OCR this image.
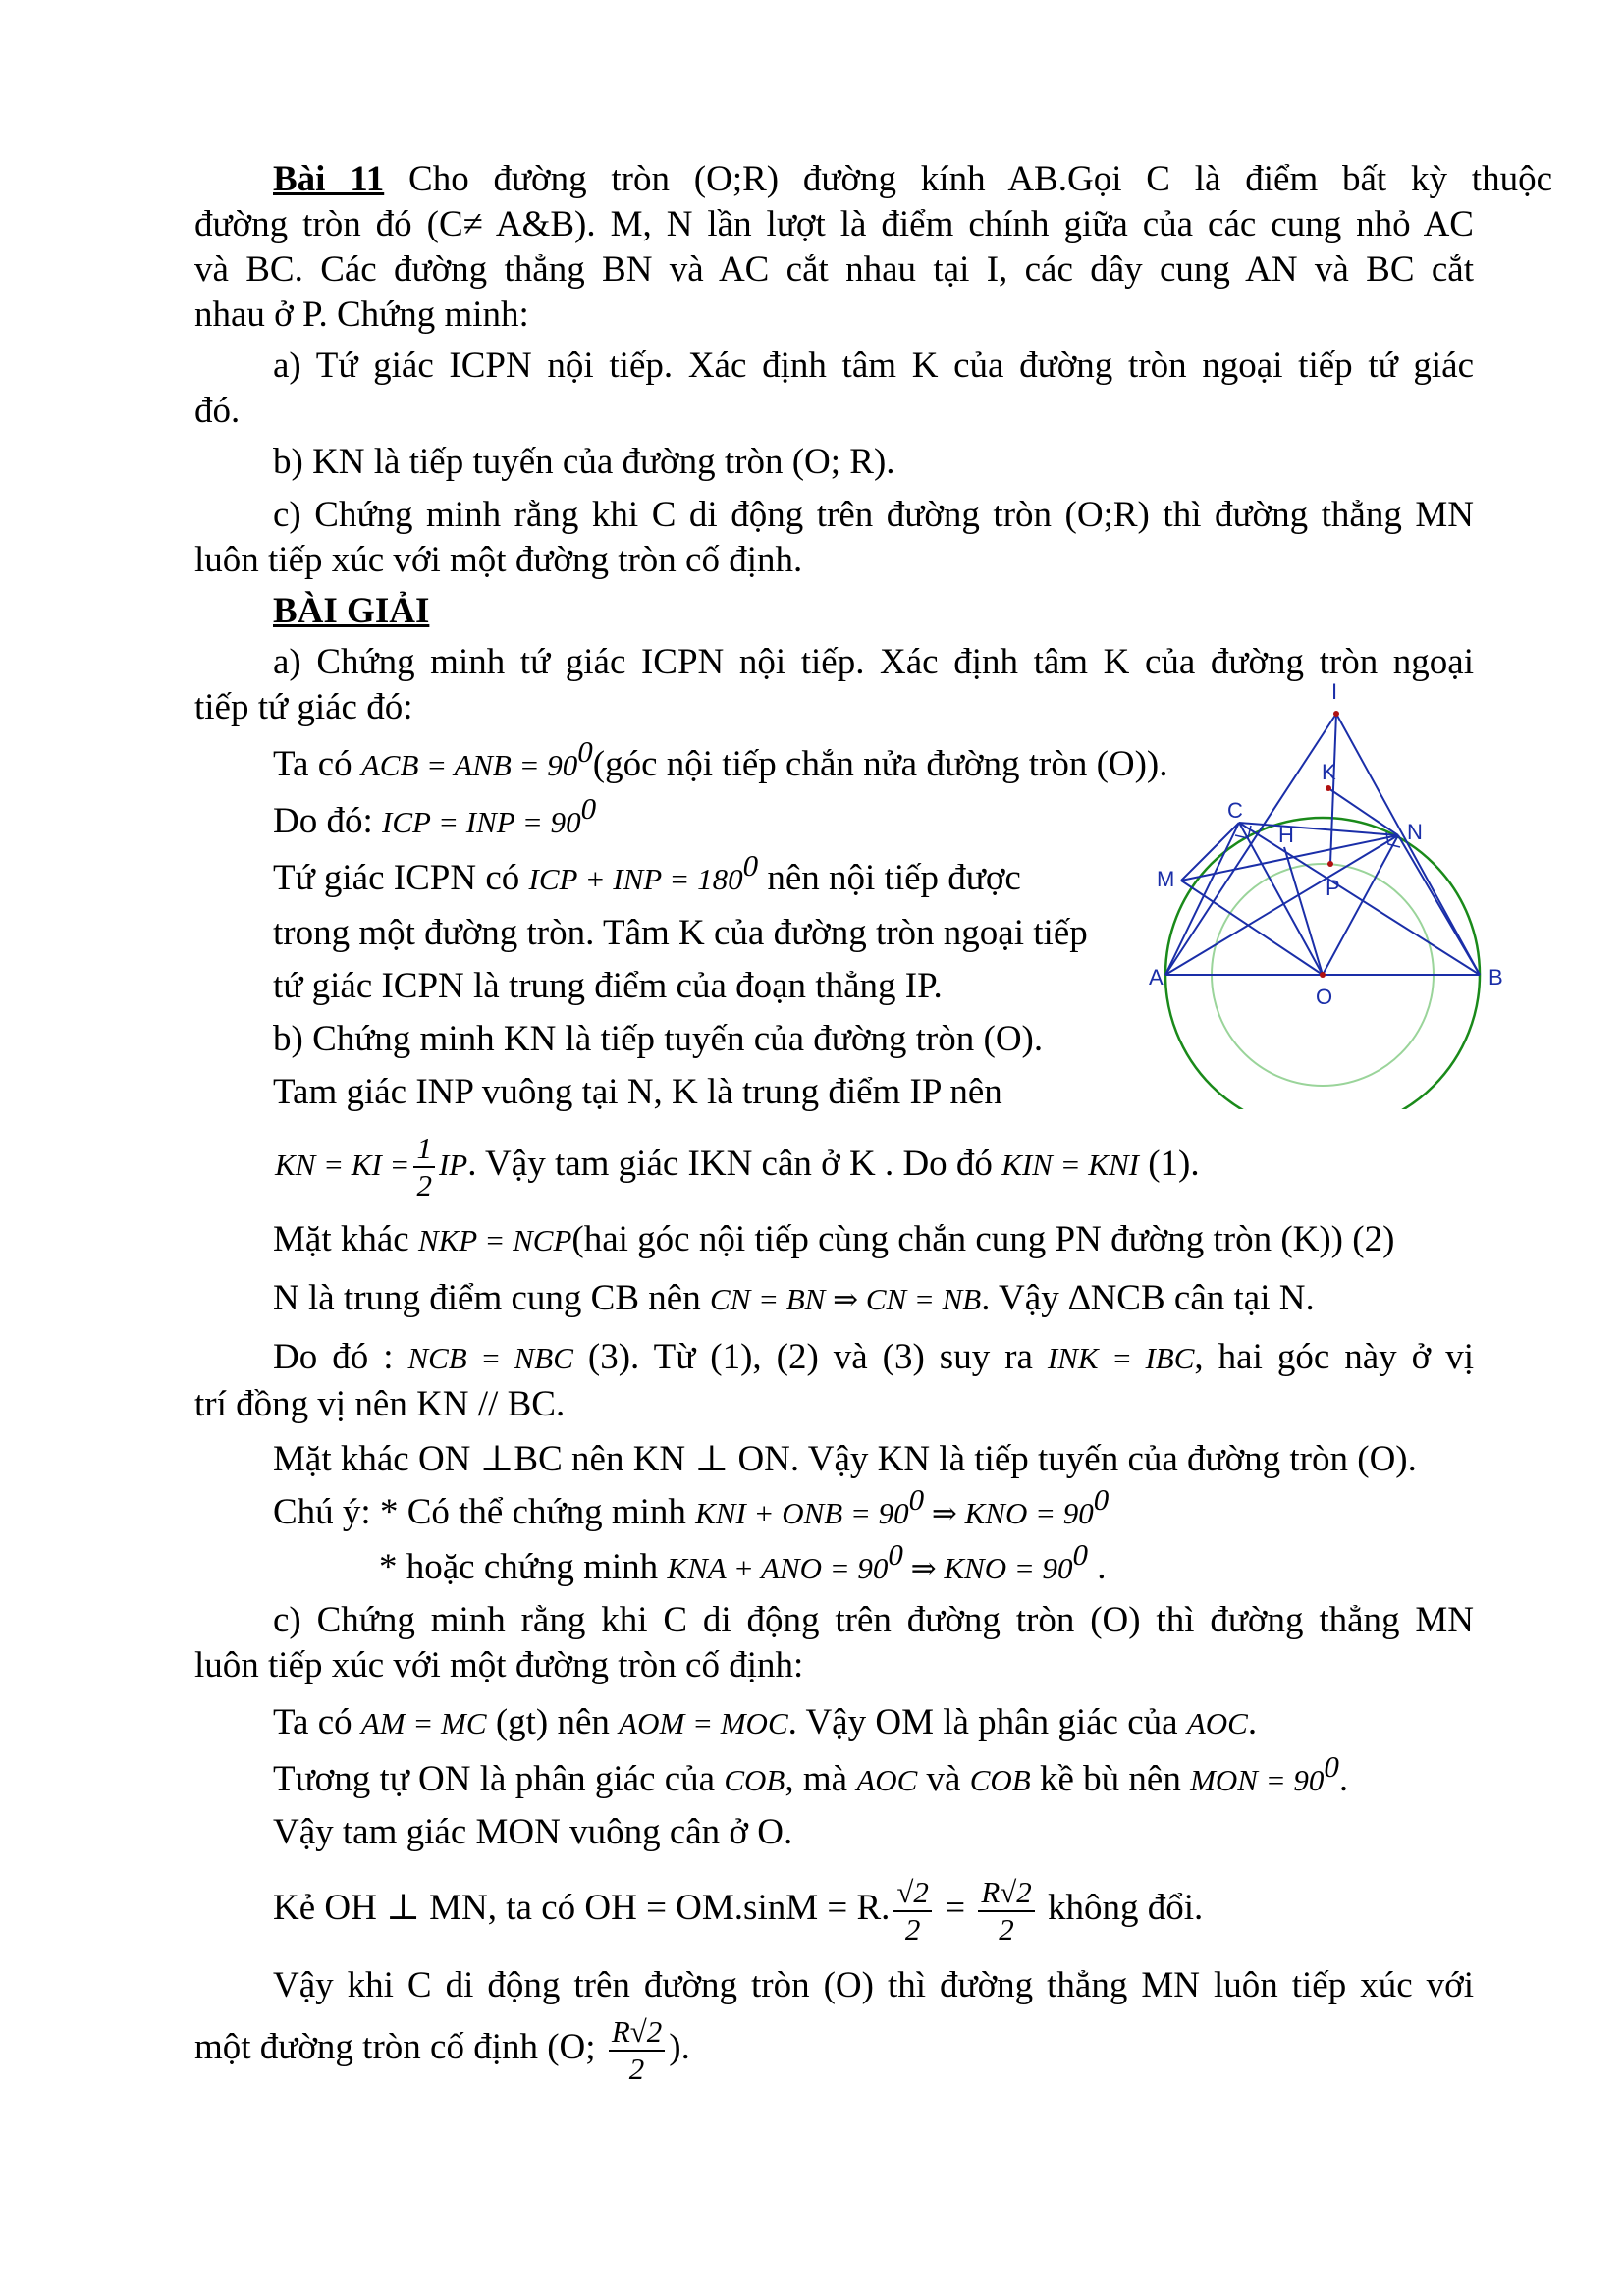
Bài 11 Cho đường tròn (O;R) đường kính AB.Gọi C là điểm bất kỳ thuộc
đường tròn đó (C≠ A&B). M, N lần lượt là điểm chính giữa của các cung nhỏ AC
và BC. Các đường thẳng BN và AC cắt nhau tại I, các dây cung AN và BC cắt
nhau ở P. Chứng minh:
a) Tứ giác ICPN nội tiếp. Xác định tâm K của đường tròn ngoại tiếp tứ giác
đó.
b) KN là tiếp tuyến của đường tròn (O; R).
c) Chứng minh rằng khi C di động trên đường tròn (O;R) thì đường thẳng MN
luôn tiếp xúc với một đường tròn cố định.
BÀI GIẢI
a) Chứng minh tứ giác ICPN nội tiếp. Xác định tâm K của đường tròn ngoại
tiếp tứ giác đó:
Ta có ACB = ANB = $90^0(góc$ nội tiếp chắn nửa đường tròn (O)).
Do đó: ICP = INP = $90^0$
Tứ giác ICPN có ICP + INP = $180^0$ nên nội tiếp được
trong một đường tròn. Tâm K của đường tròn ngoại tiếp
tứ giác ICPN là trung điểm của đoạn thẳng IP.
b) Chứng minh KN là tiếp tuyến của đường tròn (O).
Tam giác INP vuông tại N, K là trung điểm IP nên
KN = KI = $\frac{1}{2}$ IP. Vậy tam giác IKN cân ở K . Do đó KIN = KNI (1).
Mặt khác NKP = NCP(hai góc nội tiếp cùng chắn cung PN đường tròn (K)) (2)
N là trung điểm cung CB nên CN = BN ⇒ CN = NB. Vậy ∆NCB cân tại N.
Do đó : NCB = NBC (3). Từ (1), (2) và (3) suy ra INK = IBC, hai góc này ở vị
trí đồng vị nên KN // BC.
Mặt khác ON ⊥BC nên KN ⊥ ON. Vậy KN là tiếp tuyến của đường tròn (O).
Chú ý: * Có thể chứng minh KNI + ONB = $90^0$ ⇒ KNO = $90^0$
* hoặc chứng minh KNA + ANO = $90^0$ ⇒ KNO = $90^0$ .
c) Chứng minh rằng khi C di động trên đường tròn (O) thì đường thẳng MN
luôn tiếp xúc với một đường tròn cố định:
Ta có AM = MC (gt) nên AOM = MOC. Vậy OM là phân giác của AOC.
Tương tự ON là phân giác của COB, mà AOC và COB kề bù nên MON = $90^0$.
Vậy tam giác MON vuông cân ở O.
Kẻ OH ⊥ MN, ta có OH = OM.sinM = R. $\frac{√2}{2} = \frac{R√2}{2}$ không đổi.
Vậy khi C di động trên đường tròn (O) thì đường thẳng MN luôn tiếp xúc với
một đường tròn cố định (O; $\frac{R√2}{2}$ ).
I
K
C
N
M
H
P
A
O
B
